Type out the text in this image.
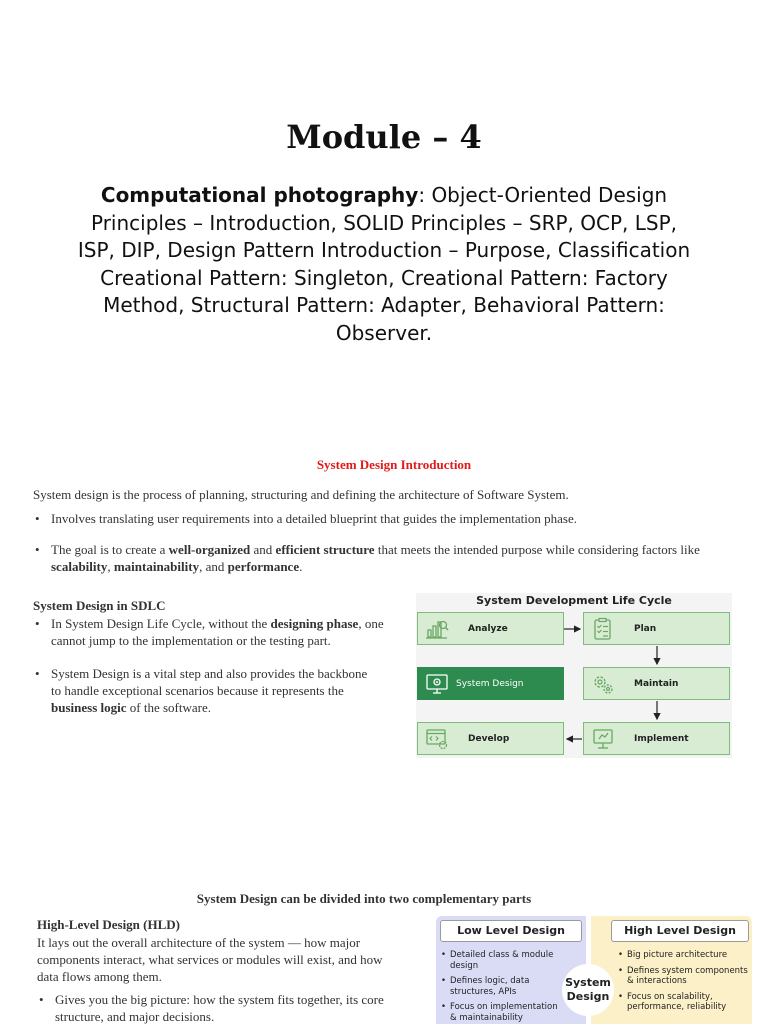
Module – 4
Computational photography: Object-Oriented Design Principles – Introduction, SOLID Principles – SRP, OCP, LSP, ISP, DIP, Design Pattern Introduction – Purpose, Classification
Creational Pattern: Singleton, Creational Pattern: Factory Method, Structural Pattern: Adapter, Behavioral Pattern: Observer.
System Design Introduction
System design is the process of planning, structuring and defining the architecture of Software System.
• Involves translating user requirements into a detailed blueprint that guides the implementation phase.
• The goal is to create a well-organized and efficient structure that meets the intended purpose while considering factors like scalability, maintainability, and performance.
System Design in SDLC
• In System Design Life Cycle, without the designing phase, one cannot jump to the implementation or the testing part.
• System Design is a vital step and also provides the backbone to handle exceptional scenarios because it represents the business logic of the software.
System Development Life Cycle
Analyze	Plan
System Design	Maintain
Develop	Implement
System Design can be divided into two complementary parts
High-Level Design (HLD)
It lays out the overall architecture of the system — how major components interact, what services or modules will exist, and how data flows among them.
• Gives you the big picture: how the system fits together, its core structure, and major decisions.
Low Level Design
• Detailed class & module design
• Defines logic, data structures, APIs
• Focus on implementation & maintainability
High Level Design
• Big picture architecture
• Defines system components & interactions
• Focus on scalability, performance, reliability
System
Design
